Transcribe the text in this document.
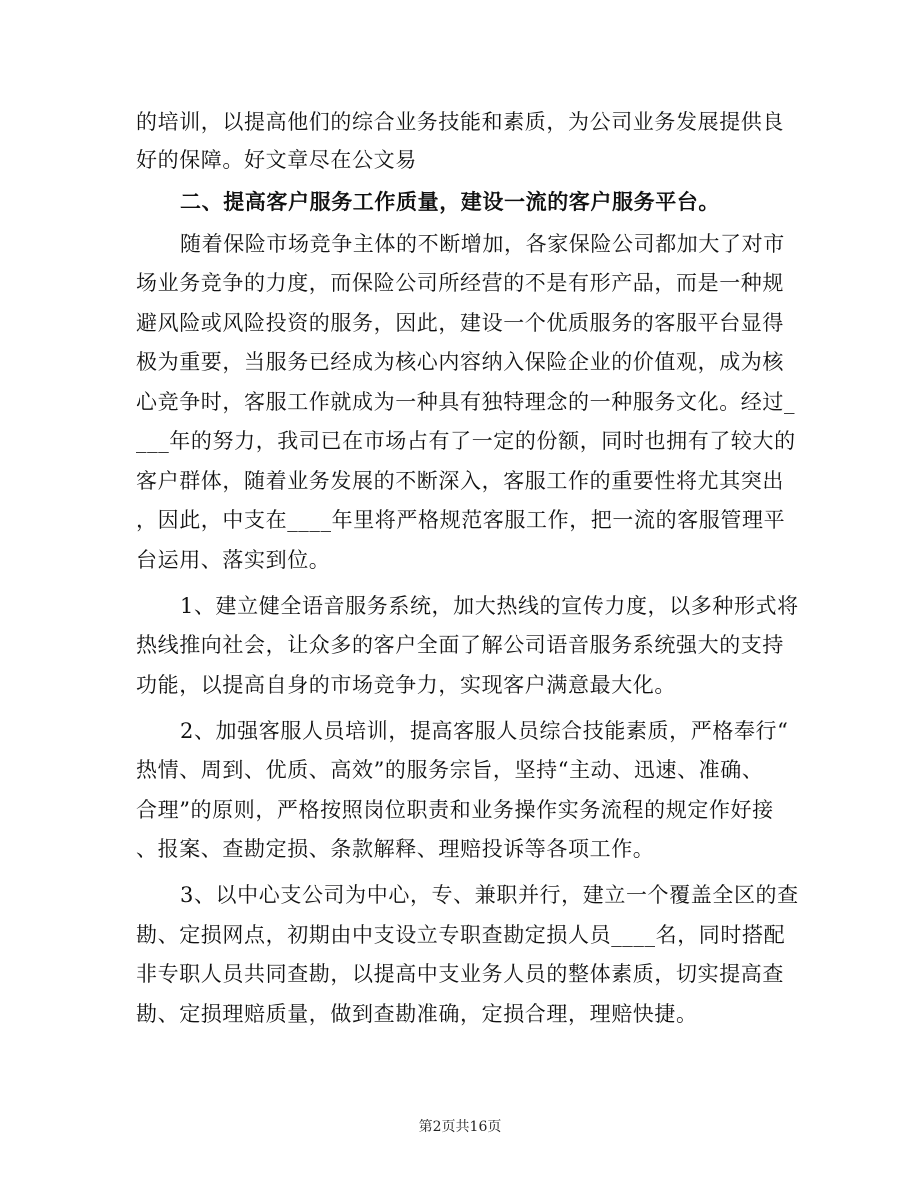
的培训，以提高他们的综合业务技能和素质，为公司业务发展提供良
好的保障。好文章尽在公文易
二、提高客户服务工作质量，建设一流的客户服务平台。
随着保险市场竞争主体的不断增加，各家保险公司都加大了对市
场业务竞争的力度，而保险公司所经营的不是有形产品，而是一种规
避风险或风险投资的服务，因此，建设一个优质服务的客服平台显得
极为重要，当服务已经成为核心内容纳入保险企业的价值观，成为核
心竞争时，客服工作就成为一种具有独特理念的一种服务文化。经过_
___年的努力，我司已在市场占有了一定的份额，同时也拥有了较大的
客户群体，随着业务发展的不断深入，客服工作的重要性将尤其突出
，因此，中支在____年里将严格规范客服工作，把一流的客服管理平
台运用、落实到位。
1、建立健全语音服务系统，加大热线的宣传力度，以多种形式将
热线推向社会，让众多的客户全面了解公司语音服务系统强大的支持
功能，以提高自身的市场竞争力，实现客户满意最大化。
2、加强客服人员培训，提高客服人员综合技能素质，严格奉行“
热情、周到、优质、高效”的服务宗旨，坚持“主动、迅速、准确、
合理”的原则，严格按照岗位职责和业务操作实务流程的规定作好接
、报案、查勘定损、条款解释、理赔投诉等各项工作。
3、以中心支公司为中心，专、兼职并行，建立一个覆盖全区的查
勘、定损网点，初期由中支设立专职查勘定损人员____名，同时搭配
非专职人员共同查勘，以提高中支业务人员的整体素质，切实提高查
勘、定损理赔质量，做到查勘准确，定损合理，理赔快捷。
第2页共16页
